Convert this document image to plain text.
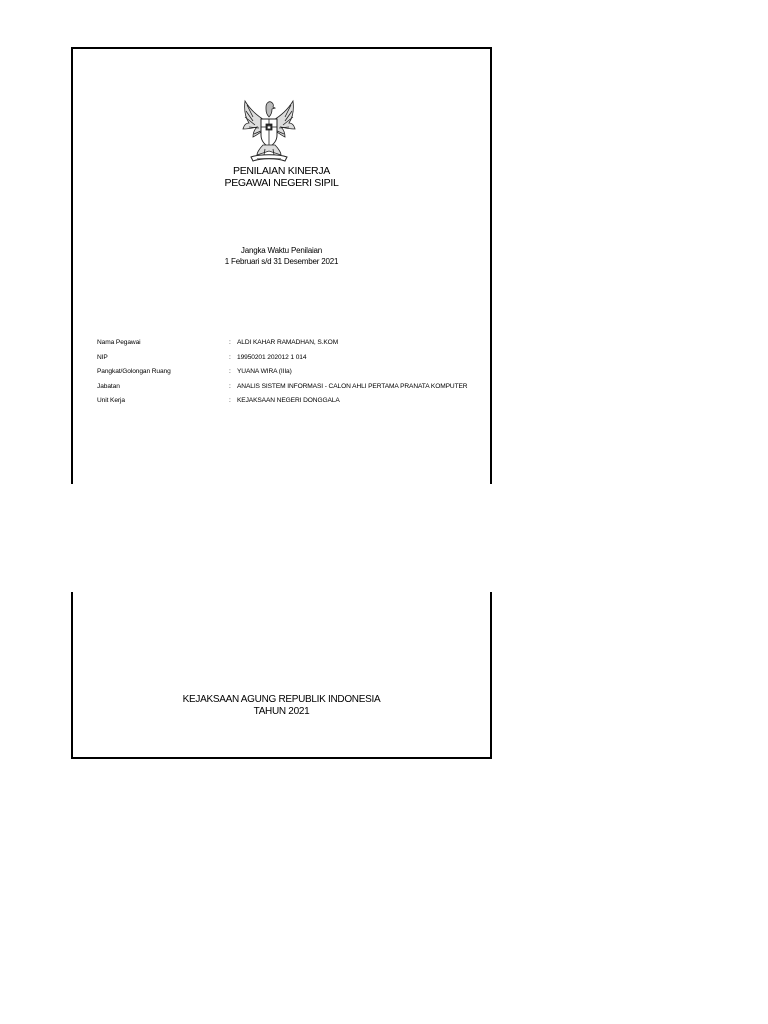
PENILAIAN KINERJA
PEGAWAI NEGERI SIPIL
Jangka Waktu Penilaian
1 Februari s/d 31 Desember 2021
Nama Pegawai	: ALDI KAHAR RAMADHAN, S.KOM
NIP	: 19950201 202012 1 014
Pangkat/Golongan Ruang	: YUANA WIRA (IIIa)
Jabatan	: ANALIS SISTEM INFORMASI - CALON AHLI PERTAMA PRANATA KOMPUTER
Unit Kerja	: KEJAKSAAN NEGERI DONGGALA
KEJAKSAAN AGUNG REPUBLIK INDONESIA
TAHUN 2021
